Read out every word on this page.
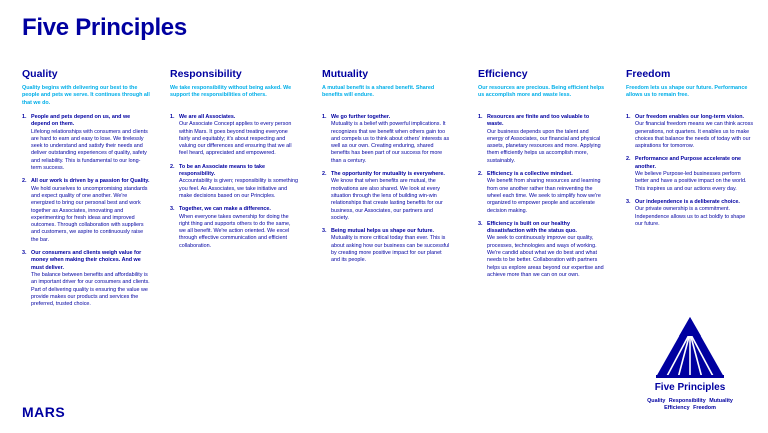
Five Principles
Quality

Quality begins with delivering our best to the people and pets we serve. It continues through all that we do.

1. People and pets depend on us, and we depend on them.
Lifelong relationships with consumers and clients are hard to earn and easy to lose. We tirelessly seek to understand and satisfy their needs and deliver outstanding experiences of quality, safety and reliability. This is fundamental to our long-term success.
2. All our work is driven by a passion for Quality.
We hold ourselves to uncompromising standards and expect quality of one another. We're energized to bring our personal best and work together as Associates, innovating and experimenting for fresh ideas and improved outcomes. Through collaboration with suppliers and customers, we aspire to continuously raise the bar.
3. Our consumers and clients weigh value for money when making their choices. And we must deliver.
The balance between benefits and affordability is an important driver for our consumers and clients. Part of delivering quality is ensuring the value we provide makes our products and services the preferred, trusted choice.
Responsibility

We take responsibility without being asked. We support the responsibilities of others.

1. We are all Associates.
Our Associate Concept applies to every person within Mars. It goes beyond treating everyone fairly and equitably; it's about respecting and valuing our differences and ensuring that we all feel heard, appreciated and empowered.
2. To be an Associate means to take responsibility.
Accountability is given; responsibility is something you feel. As Associates, we take initiative and make decisions based on our Principles.
3. Together, we can make a difference.
When everyone takes ownership for doing the right thing and supports others to do the same, we all benefit. We're action oriented. We excel through effective communication and efficient collaboration.
Mutuality

A mutual benefit is a shared benefit. Shared benefits will endure.

1. We go further together.
Mutuality is a belief with powerful implications. It recognizes that we benefit when others gain too and compels us to think about others' interests as well as our own. Creating enduring, shared benefits has been part of our success for more than a century.
2. The opportunity for mutuality is everywhere.
We know that when benefits are mutual, the motivations are also shared. We look at every situation through the lens of building win-win relationships that create lasting benefits for our business, our Associates, our partners and society.
3. Being mutual helps us shape our future.
Mutuality is more critical today than ever. This is about asking how our business can be successful by creating more positive impact for our planet and its people.
Efficiency

Our resources are precious. Being efficient helps us accomplish more and waste less.

1. Resources are finite and too valuable to waste.
Our business depends upon the talent and energy of Associates, our financial and physical assets, planetary resources and more. Applying them efficiently helps us accomplish more, sustainably.
2. Efficiency is a collective mindset.
We benefit from sharing resources and learning from one another rather than reinventing the wheel each time. We seek to simplify how we're organized to empower people and accelerate decision making.
3. Efficiency is built on our healthy dissatisfaction with the status quo.
We seek to continuously improve our quality, processes, technologies and ways of working. We're candid about what we do best and what needs to be better. Collaboration with partners helps us explore areas beyond our expertise and achieve more than we can on our own.
Freedom

Freedom lets us shape our future. Performance allows us to remain free.

1. Our freedom enables our long-term vision.
Our financial freedom means we can think across generations, not quarters. It enables us to make choices that balance the needs of today with our aspirations for tomorrow.
2. Performance and Purpose accelerate one another.
We believe Purpose-led businesses perform better and have a positive impact on the world. This inspires us and our actions every day.
3. Our independence is a deliberate choice.
Our private ownership is a commitment. Independence allows us to act boldly to shape our future.
MARS
Five Principles
Quality Responsibility Mutuality
Efficiency Freedom
